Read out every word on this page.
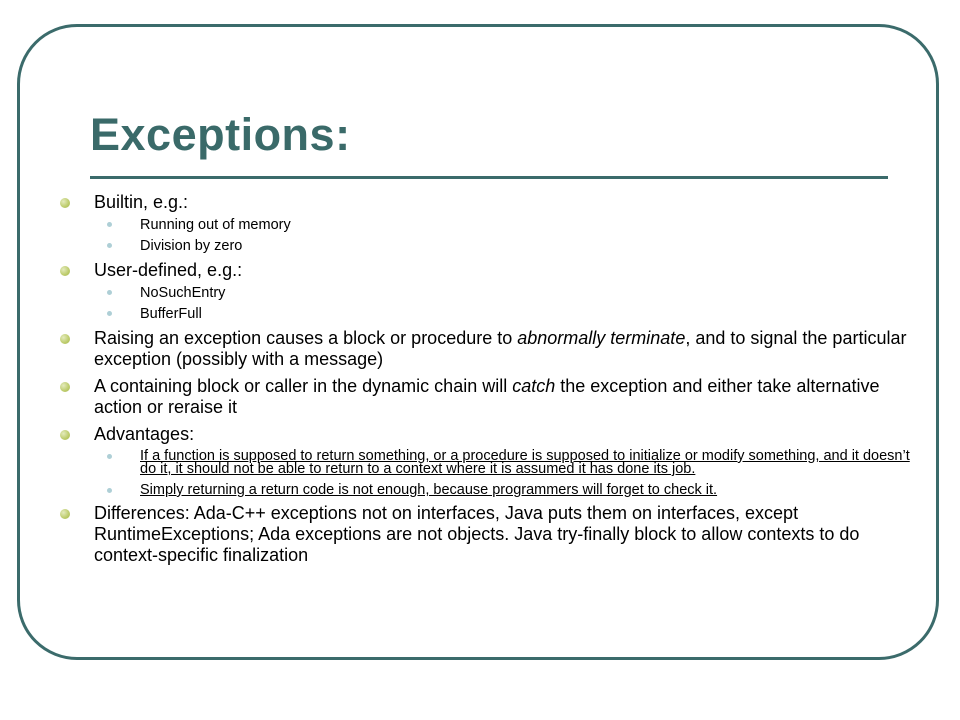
Exceptions:
Builtin, e.g.:
Running out of memory
Division by zero
User-defined, e.g.:
NoSuchEntry
BufferFull
Raising an exception causes a block or procedure to abnormally terminate, and to signal the particular exception (possibly with a message)
A containing block or caller in the dynamic chain will catch the exception and either take alternative action or reraise it
Advantages:
If a function is supposed to return something, or a procedure is supposed to initialize or modify something, and it doesn’t do it, it should not be able to return to a context where it is assumed it has done its job.
Simply returning a return code is not enough, because programmers will forget to check it.
Differences: Ada-C++ exceptions not on interfaces, Java puts them on interfaces, except RuntimeExceptions; Ada exceptions are not objects. Java try-finally block to allow contexts to do context-specific finalization
